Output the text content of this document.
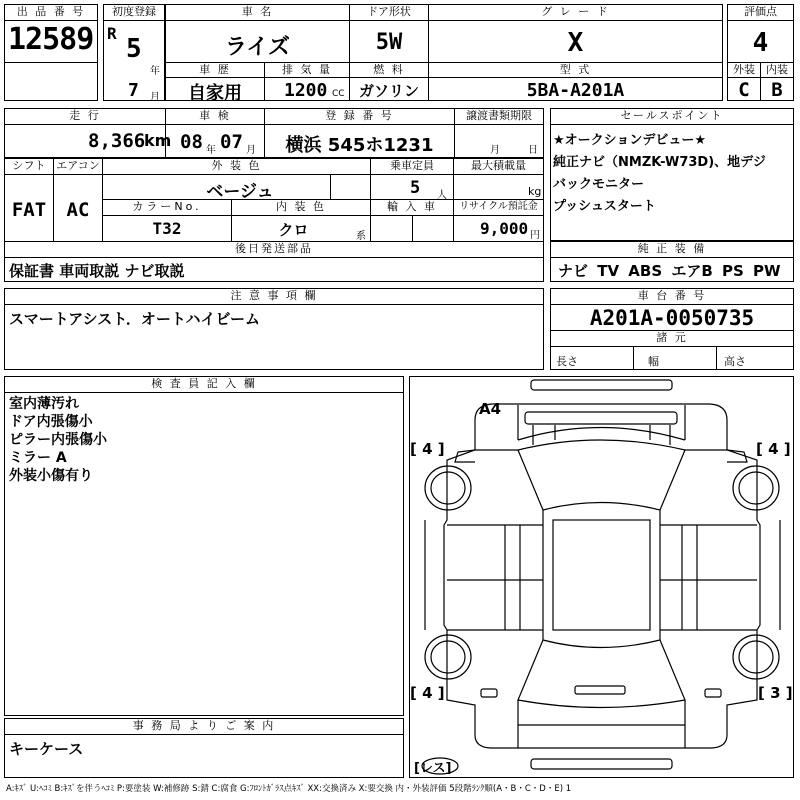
出 品 番 号
12589
初度登録
R
5
年
7 月
車 名
ライズ
ドア形状
5W
グ レ ー ド
X
評価点
4
車 歴
自家用
排 気 量
1200 CC
燃 料
ガソリン
型 式
5BA-A201A
外装
C
内装
B
走 行
8,366
km
車 検
08 年 07 月
登 録 番 号
横浜 545ホ1231
譲渡書類期限
月	日
セールスポイント
★オークションデビュー★
純正ナビ（NMZK-W73D)、地デジ
バックモニター
プッシュスタート
シフト
FAT
エアコン
AC
外 装 色
ベージュ
乗車定員
5 人
最大積載量
kg
カラーNo.
T32
内 装 色
クロ	系
輸 入 車	リサイクル預託金
9,000 円
後日発送部品
保証書 車両取説 ナビ取説
純 正 装 備
ナビ TV ABS エアB PS PW
注 意 事 項 欄
スマートアシスト．オートハイビーム
車 台 番 号
A201A-0050735
諸 元
長さ	幅	高さ
検 査 員 記 入 欄
室内薄汚れ
ドア内張傷小
ピラー内張傷小
ミラー A
外装小傷有り
事 務 局 よ り ご 案 内
キーケース
A4
[ 4 ]	[ 4 ]
[ 4 ]	[ 3 ]
[レス]
A:ｷｽﾞ U:ﾍｺﾐ B:ｷｽﾞを伴うﾍｺﾐ P:要塗装 W:補修跡 S:錆 C:腐食 G:ﾌﾛﾝﾄｶﾞﾗｽ点ｷｽﾞ XX:交換済み X:要交換 内・外装評価 5段階ﾗﾝｸ順(A・B・C・D・E) 1
